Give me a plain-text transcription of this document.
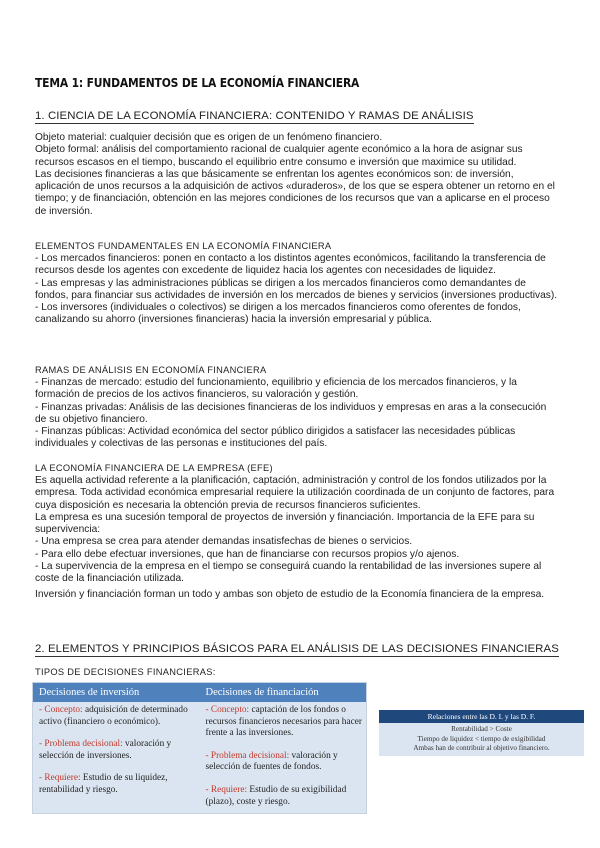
TEMA 1: FUNDAMENTOS DE LA ECONOMÍA FINANCIERA
1. CIENCIA DE LA ECONOMÍA FINANCIERA: CONTENIDO Y RAMAS DE ANÁLISIS

Objeto material: cualquier decisión que es origen de un fenómeno financiero.

Objeto formal: análisis del comportamiento racional de cualquier agente económico a la hora de asignar sus recursos escasos en el tiempo, buscando el equilibrio entre consumo e inversión que maximice su utilidad.

Las decisiones financieras a las que básicamente se enfrentan los agentes económicos son: de inversión, aplicación de unos recursos a la adquisición de activos «duraderos», de los que se espera obtener un retorno en el tiempo; y de financiación, obtención en las mejores condiciones de los recursos que van a aplicarse en el proceso de inversión.

ELEMENTOS FUNDAMENTALES EN LA ECONOMÍA FINANCIERA

- Los mercados financieros: ponen en contacto a los distintos agentes económicos, facilitando la transferencia de recursos desde los agentes con excedente de liquidez hacia los agentes con necesidades de liquidez.

- Las empresas y las administraciones públicas se dirigen a los mercados financieros como demandantes de fondos, para financiar sus actividades de inversión en los mercados de bienes y servicios (inversiones productivas).

- Los inversores (individuales o colectivos) se dirigen a los mercados financieros como oferentes de fondos, canalizando su ahorro (inversiones financieras) hacia la inversión empresarial y pública.

RAMAS DE ANÁLISIS EN ECONOMÍA FINANCIERA

- Finanzas de mercado: estudio del funcionamiento, equilibrio y eficiencia de los mercados financieros, y la formación de precios de los activos financieros, su valoración y gestión.

- Finanzas privadas: Análisis de las decisiones financieras de los individuos y empresas en aras a la consecución de su objetivo financiero.

- Finanzas públicas: Actividad económica del sector público dirigidos a satisfacer las necesidades públicas individuales y colectivas de las personas e instituciones del país.

LA ECONOMÍA FINANCIERA DE LA EMPRESA (EFE)

Es aquella actividad referente a la planificación, captación, administración y control de los fondos utilizados por la empresa. Toda actividad económica empresarial requiere la utilización coordinada de un conjunto de factores, para cuya disposición es necesaria la obtención previa de recursos financieros suficientes.

La empresa es una sucesión temporal de proyectos de inversión y financiación. Importancia de la EFE para su supervivencia:

- Una empresa se crea para atender demandas insatisfechas de bienes o servicios.

- Para ello debe efectuar inversiones, que han de financiarse con recursos propios y/o ajenos.

- La supervivencia de la empresa en el tiempo se conseguirá cuando la rentabilidad de las inversiones supere al coste de la financiación utilizada.

Inversión y financiación forman un todo y ambas son objeto de estudio de la Economía financiera de la empresa.

2. ELEMENTOS Y PRINCIPIOS BÁSICOS PARA EL ANÁLISIS DE LAS DECISIONES FINANCIERAS
TIPOS DE DECISIONES FINANCIERAS:
Decisiones de inversión	Decisiones de financiación
- Concepto: adquisición de determinado activo (financiero o económico).
- Problema decisional: valoración y selección de inversiones.
- Requiere: Estudio de su liquidez, rentabilidad y riesgo.
- Concepto: captación de los fondos o recursos financieros necesarios para hacer frente a las inversiones.
- Problema decisional: valoración y selección de fuentes de fondos.
- Requiere: Estudio de su exigibilidad (plazo), coste y riesgo.
Relaciones entre las D. I. y las D. F.
Rentabilidad > Coste
Tiempo de liquidez < tiempo de exigibilidad
Ambas han de contribuir al objetivo financiero.
